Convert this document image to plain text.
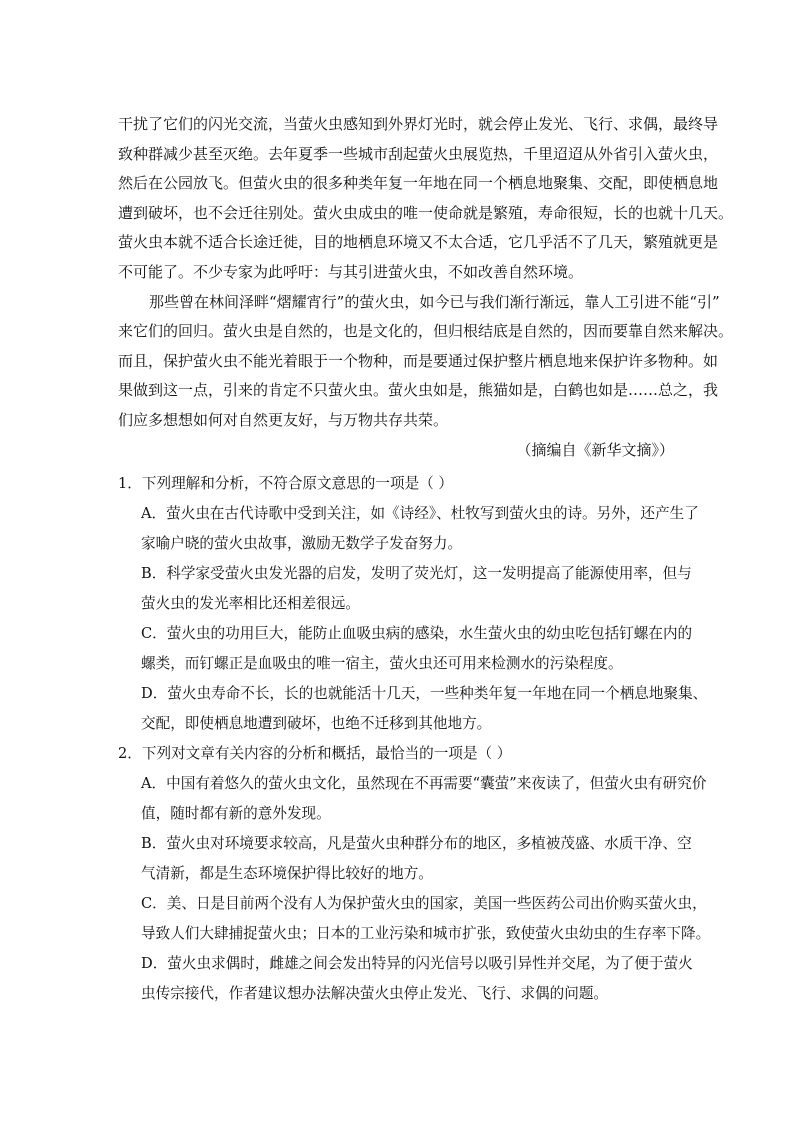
干扰了它们的闪光交流，当萤火虫感知到外界灯光时，就会停止发光、飞行、求偶，最终导
致种群减少甚至灭绝。去年夏季一些城市刮起萤火虫展览热，千里迢迢从外省引入萤火虫，
然后在公园放飞。但萤火虫的很多种类年复一年地在同一个栖息地聚集、交配，即使栖息地
遭到破坏，也不会迁往别处。萤火虫成虫的唯一使命就是繁殖，寿命很短，长的也就十几天。
萤火虫本就不适合长途迁徙，目的地栖息环境又不太合适，它几乎活不了几天，繁殖就更是
不可能了。不少专家为此呼吁：与其引进萤火虫，不如改善自然环境。
那些曾在林间泽畔“熠耀宵行”的萤火虫，如今已与我们渐行渐远，靠人工引进不能“引”
来它们的回归。萤火虫是自然的，也是文化的，但归根结底是自然的，因而要靠自然来解决。
而且，保护萤火虫不能光着眼于一个物种，而是要通过保护整片栖息地来保护许多物种。如
果做到这一点，引来的肯定不只萤火虫。萤火虫如是，熊猫如是，白鹤也如是……总之，我
们应多想想如何对自然更友好，与万物共存共荣。
（摘编自《新华文摘》）
1．下列理解和分析，不符合原文意思的一项是（ ）
A．萤火虫在古代诗歌中受到关注，如《诗经》、杜牧写到萤火虫的诗。另外，还产生了
家喻户晓的萤火虫故事，激励无数学子发奋努力。
B．科学家受萤火虫发光器的启发，发明了荧光灯，这一发明提高了能源使用率，但与
萤火虫的发光率相比还相差很远。
C．萤火虫的功用巨大，能防止血吸虫病的感染，水生萤火虫的幼虫吃包括钉螺在内的
螺类，而钉螺正是血吸虫的唯一宿主，萤火虫还可用来检测水的污染程度。
D．萤火虫寿命不长，长的也就能活十几天，一些种类年复一年地在同一个栖息地聚集、
交配，即使栖息地遭到破坏，也绝不迁移到其他地方。
2．下列对文章有关内容的分析和概括，最恰当的一项是（ ）
A．中国有着悠久的萤火虫文化，虽然现在不再需要“囊萤”来夜读了，但萤火虫有研究价
值，随时都有新的意外发现。
B．萤火虫对环境要求较高，凡是萤火虫种群分布的地区，多植被茂盛、水质干净、空
气清新，都是生态环境保护得比较好的地方。
C．美、日是目前两个没有人为保护萤火虫的国家，美国一些医药公司出价购买萤火虫，
导致人们大肆捕捉萤火虫；日本的工业污染和城市扩张，致使萤火虫幼虫的生存率下降。
D．萤火虫求偶时，雌雄之间会发出特异的闪光信号以吸引异性并交尾，为了便于萤火
虫传宗接代，作者建议想办法解决萤火虫停止发光、飞行、求偶的问题。
